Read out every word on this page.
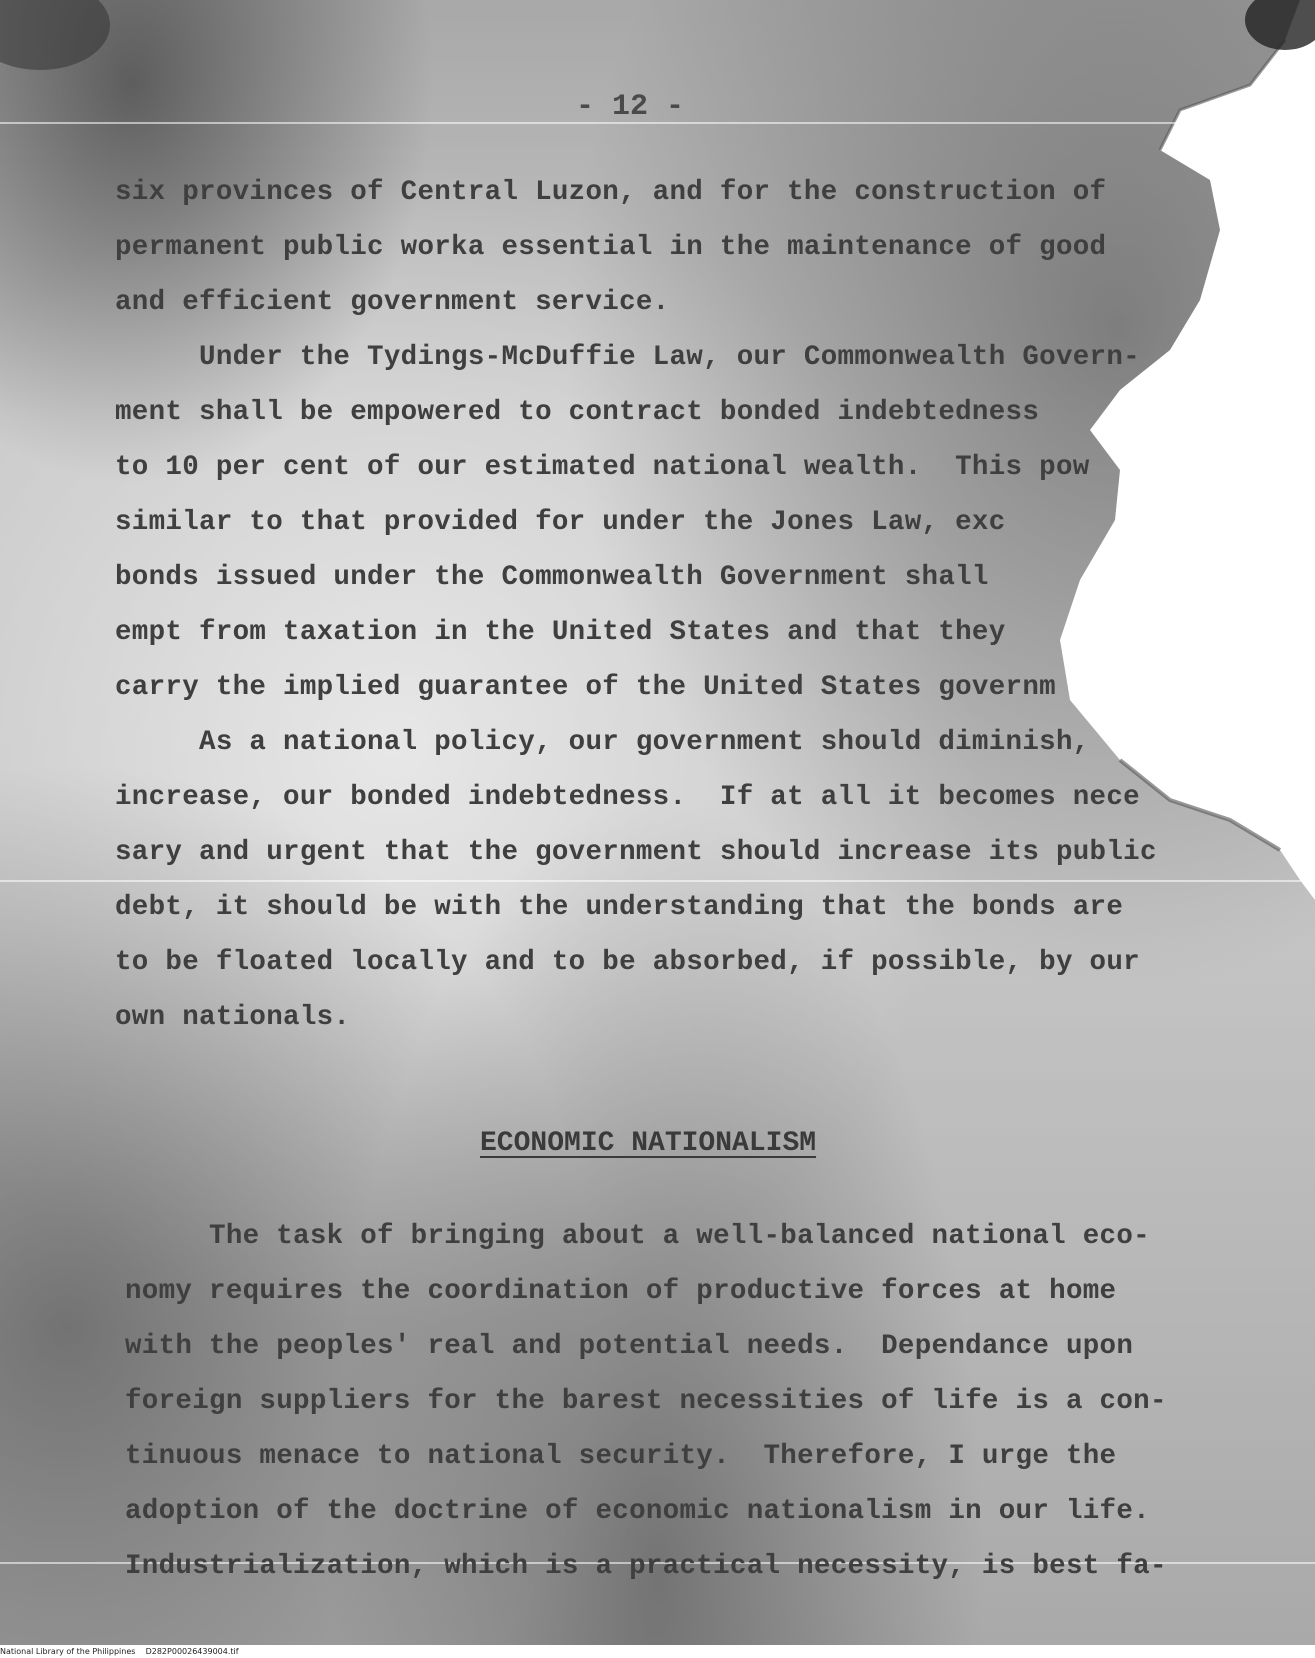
- 12 -
six provinces of Central Luzon, and for the construction of
permanent public worka essential in the maintenance of good
and efficient government service.
Under the Tydings-McDuffie Law, our Commonwealth Govern-
ment shall be empowered to contract bonded indebtedness
to 10 per cent of our estimated national wealth.  This pow
similar to that provided for under the Jones Law, exc
bonds issued under the Commonwealth Government shall
empt from taxation in the United States and that they
carry the implied guarantee of the United States governm
As a national policy, our government should diminish,
increase, our bonded indebtedness.  If at all it becomes nece
sary and urgent that the government should increase its public
debt, it should be with the understanding that the bonds are
to be floated locally and to be absorbed, if possible, by our
own nationals.
ECONOMIC NATIONALISM
The task of bringing about a well-balanced national eco-
nomy requires the coordination of productive forces at home
with the peoples' real and potential needs.  Dependance upon
foreign suppliers for the barest necessities of life is a con-
tinuous menace to national security.  Therefore, I urge the
adoption of the doctrine of economic nationalism in our life.
Industrialization, which is a practical necessity, is best fa-
National Library of the Philippines    D282P00026439004.tif
